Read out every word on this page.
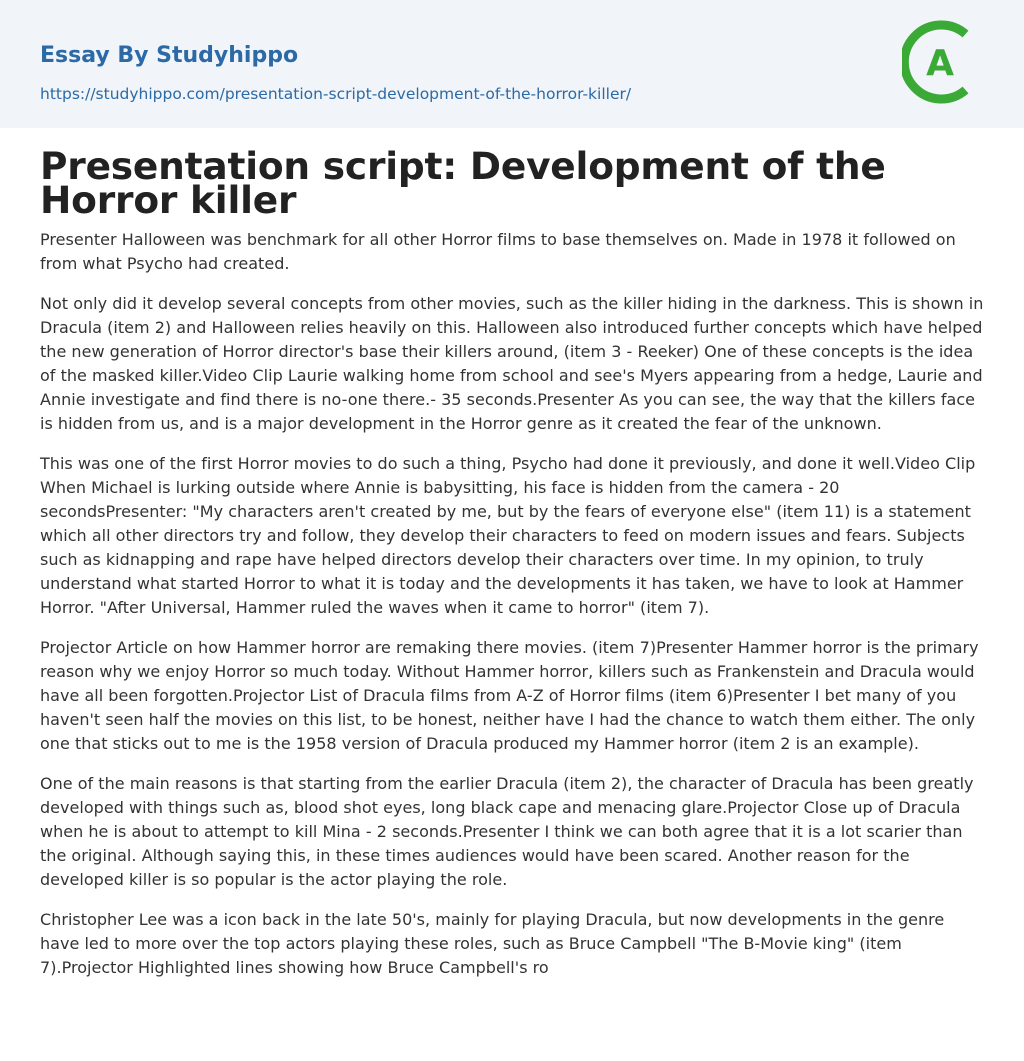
Essay By Studyhippo
https://studyhippo.com/presentation-script-development-of-the-horror-killer/
A
Presentation script: Development of the Horror killer

Presenter Halloween was benchmark for all other Horror films to base themselves on. Made in 1978 it followed on from what Psycho had created.

Not only did it develop several concepts from other movies, such as the killer hiding in the darkness. This is shown in Dracula (item 2) and Halloween relies heavily on this. Halloween also introduced further concepts which have helped the new generation of Horror director's base their killers around, (item 3 - Reeker) One of these concepts is the idea of the masked killer.Video Clip Laurie walking home from school and see's Myers appearing from a hedge, Laurie and Annie investigate and find there is no-one there.- 35 seconds.Presenter As you can see, the way that the killers face is hidden from us, and is a major development in the Horror genre as it created the fear of the unknown.

This was one of the first Horror movies to do such a thing, Psycho had done it previously, and done it well.Video Clip When Michael is lurking outside where Annie is babysitting, his face is hidden from the camera - 20 secondsPresenter: "My characters aren't created by me, but by the fears of everyone else" (item 11) is a statement which all other directors try and follow, they develop their characters to feed on modern issues and fears. Subjects such as kidnapping and rape have helped directors develop their characters over time. In my opinion, to truly understand what started Horror to what it is today and the developments it has taken, we have to look at Hammer Horror. "After Universal, Hammer ruled the waves when it came to horror" (item 7).

Projector Article on how Hammer horror are remaking there movies. (item 7)Presenter Hammer horror is the primary reason why we enjoy Horror so much today. Without Hammer horror, killers such as Frankenstein and Dracula would have all been forgotten.Projector List of Dracula films from A-Z of Horror films (item 6)Presenter I bet many of you haven't seen half the movies on this list, to be honest, neither have I had the chance to watch them either. The only one that sticks out to me is the 1958 version of Dracula produced my Hammer horror (item 2 is an example).

One of the main reasons is that starting from the earlier Dracula (item 2), the character of Dracula has been greatly developed with things such as, blood shot eyes, long black cape and menacing glare.Projector Close up of Dracula when he is about to attempt to kill Mina - 2 seconds.Presenter I think we can both agree that it is a lot scarier than the original. Although saying this, in these times audiences would have been scared. Another reason for the developed killer is so popular is the actor playing the role.

Christopher Lee was a icon back in the late 50's, mainly for playing Dracula, but now developments in the genre have led to more over the top actors playing these roles, such as Bruce Campbell "The B-Movie king" (item 7).Projector Highlighted lines showing how Bruce Campbell's ro
